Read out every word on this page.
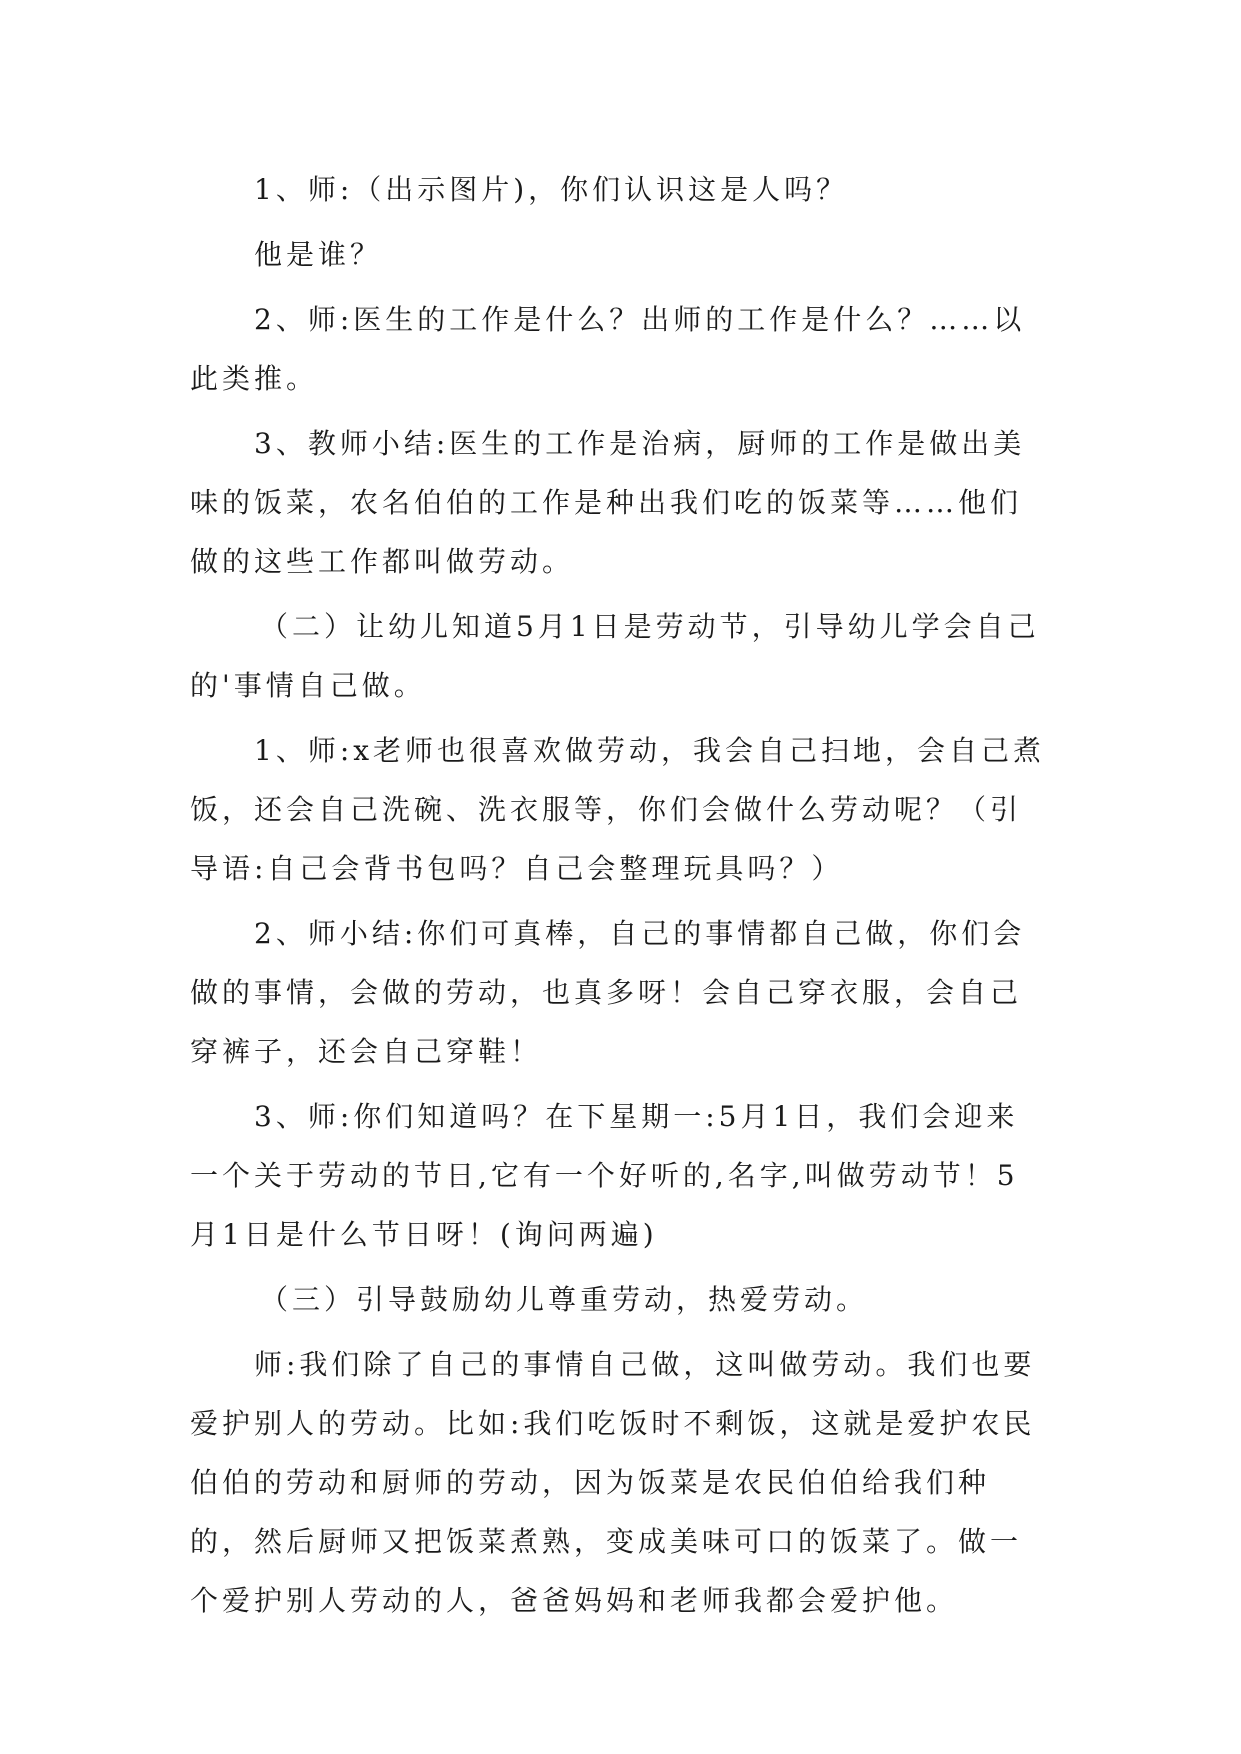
1、师:（出示图片)，你们认识这是人吗？

他是谁？

2、师:医生的工作是什么？出师的工作是什么？……以此类推。

3、教师小结:医生的工作是治病，厨师的工作是做出美味的饭菜，农名伯伯的工作是种出我们吃的饭菜等……他们做的这些工作都叫做劳动。

（二）让幼儿知道5月1日是劳动节，引导幼儿学会自己的'事情自己做。

1、师:x老师也很喜欢做劳动，我会自己扫地，会自己煮饭，还会自己洗碗、洗衣服等，你们会做什么劳动呢？（引导语:自己会背书包吗？自己会整理玩具吗？）

2、师小结:你们可真棒，自己的事情都自己做，你们会做的事情，会做的劳动，也真多呀！会自己穿衣服，会自己穿裤子，还会自己穿鞋！

3、师:你们知道吗？在下星期一:5月1日，我们会迎来一个关于劳动的节日,它有一个好听的,名字,叫做劳动节！5月1日是什么节日呀！(询问两遍)

（三）引导鼓励幼儿尊重劳动，热爱劳动。

师:我们除了自己的事情自己做，这叫做劳动。我们也要爱护别人的劳动。比如:我们吃饭时不剩饭，这就是爱护农民伯伯的劳动和厨师的劳动，因为饭菜是农民伯伯给我们种的，然后厨师又把饭菜煮熟，变成美味可口的饭菜了。做一个爱护别人劳动的人，爸爸妈妈和老师我都会爱护他。
